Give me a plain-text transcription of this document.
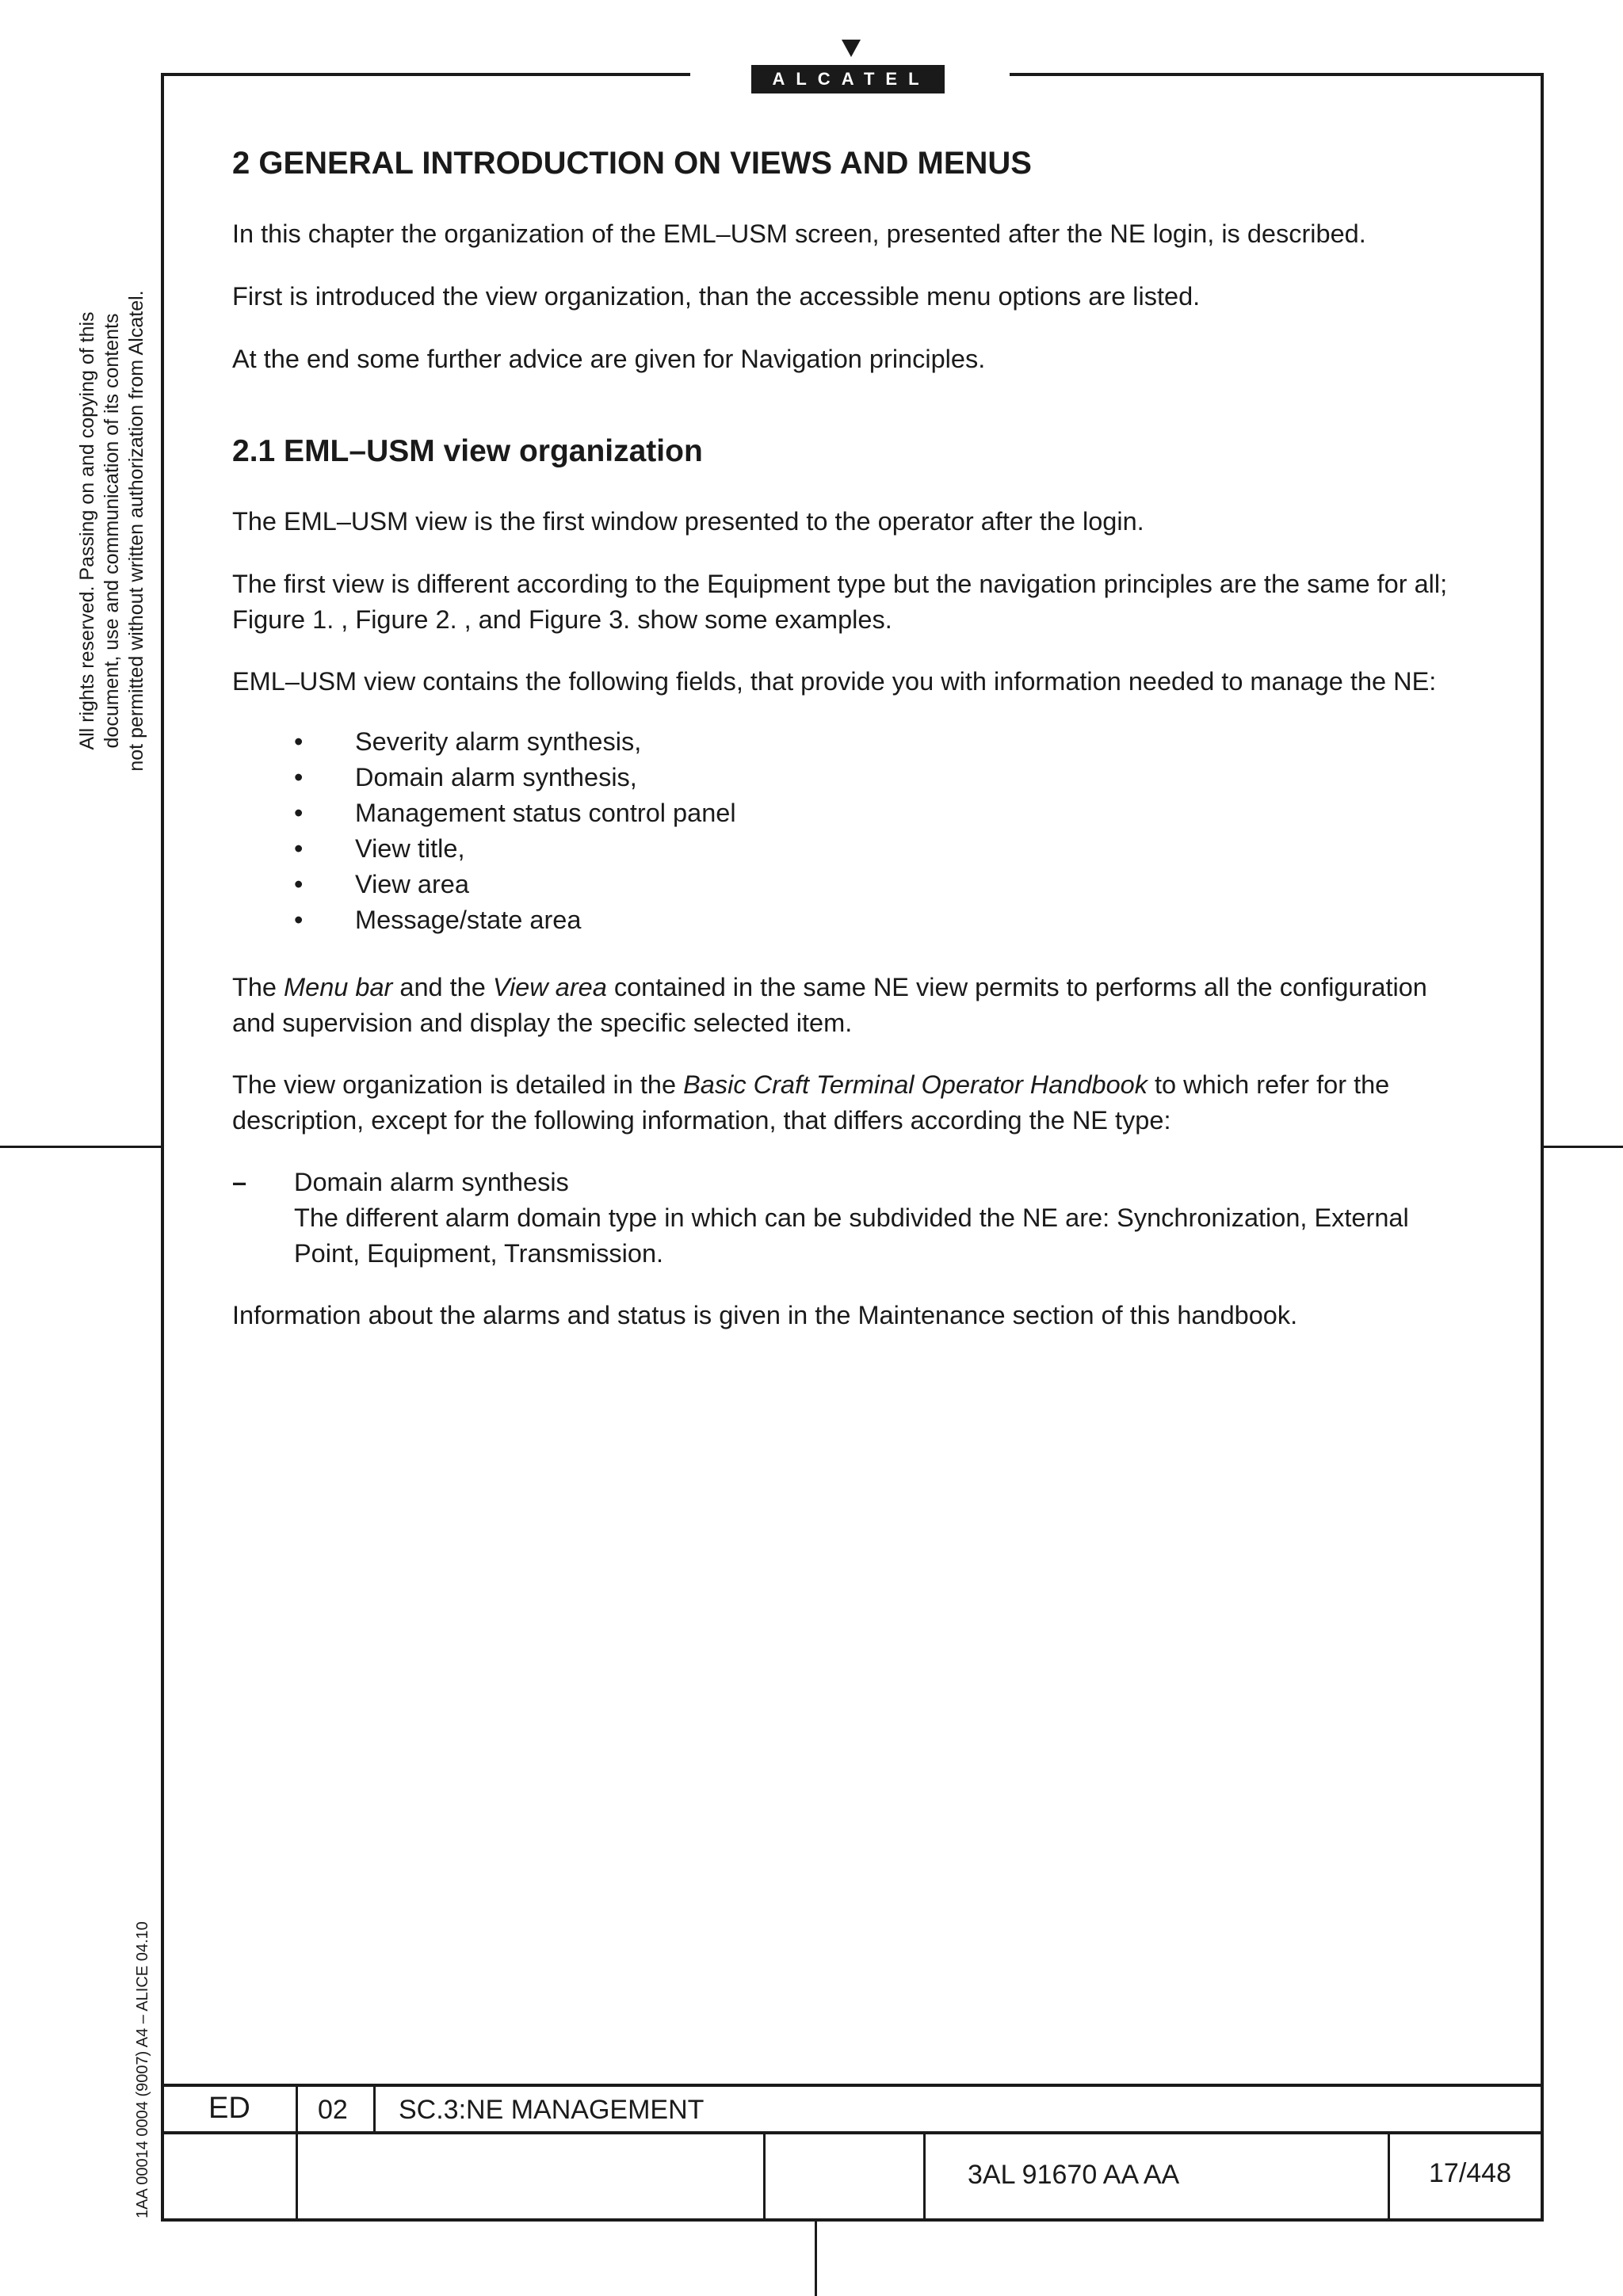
ALCATEL
All rights reserved. Passing on and copying of this document, use and communication of its contents not permitted without written authorization from Alcatel.
1AA 00014 0004 (9007) A4 – ALICE 04.10
2 GENERAL INTRODUCTION ON VIEWS AND MENUS
In this chapter the organization of the EML–USM screen, presented after the NE login, is described.
First is introduced the view organization, than the accessible menu options are listed.
At the end some further advice are given for Navigation principles.
2.1 EML–USM view organization
The EML–USM view is the first window presented to the operator after the login.
The first view is different according to the Equipment type but the navigation principles are the same for all; Figure 1. , Figure 2. , and Figure 3. show some examples.
EML–USM view contains the following fields, that provide you with information needed to manage the NE:
• Severity alarm synthesis,
• Domain alarm synthesis,
• Management status control panel
• View title,
• View area
• Message/state area
The Menu bar and the View area contained in the same NE view permits to performs all the configuration and supervision and display the specific selected item.
The view organization is detailed in the Basic Craft Terminal Operator Handbook to which refer for the description, except for the following information, that differs according the NE type:
– Domain alarm synthesis
The different alarm domain type in which can be subdivided the NE are: Synchronization, External Point, Equipment, Transmission.
Information about the alarms and status is given in the Maintenance section of this handbook.
ED	02 SC.3:NE MANAGEMENT
3AL 91670 AA AA	17/448
